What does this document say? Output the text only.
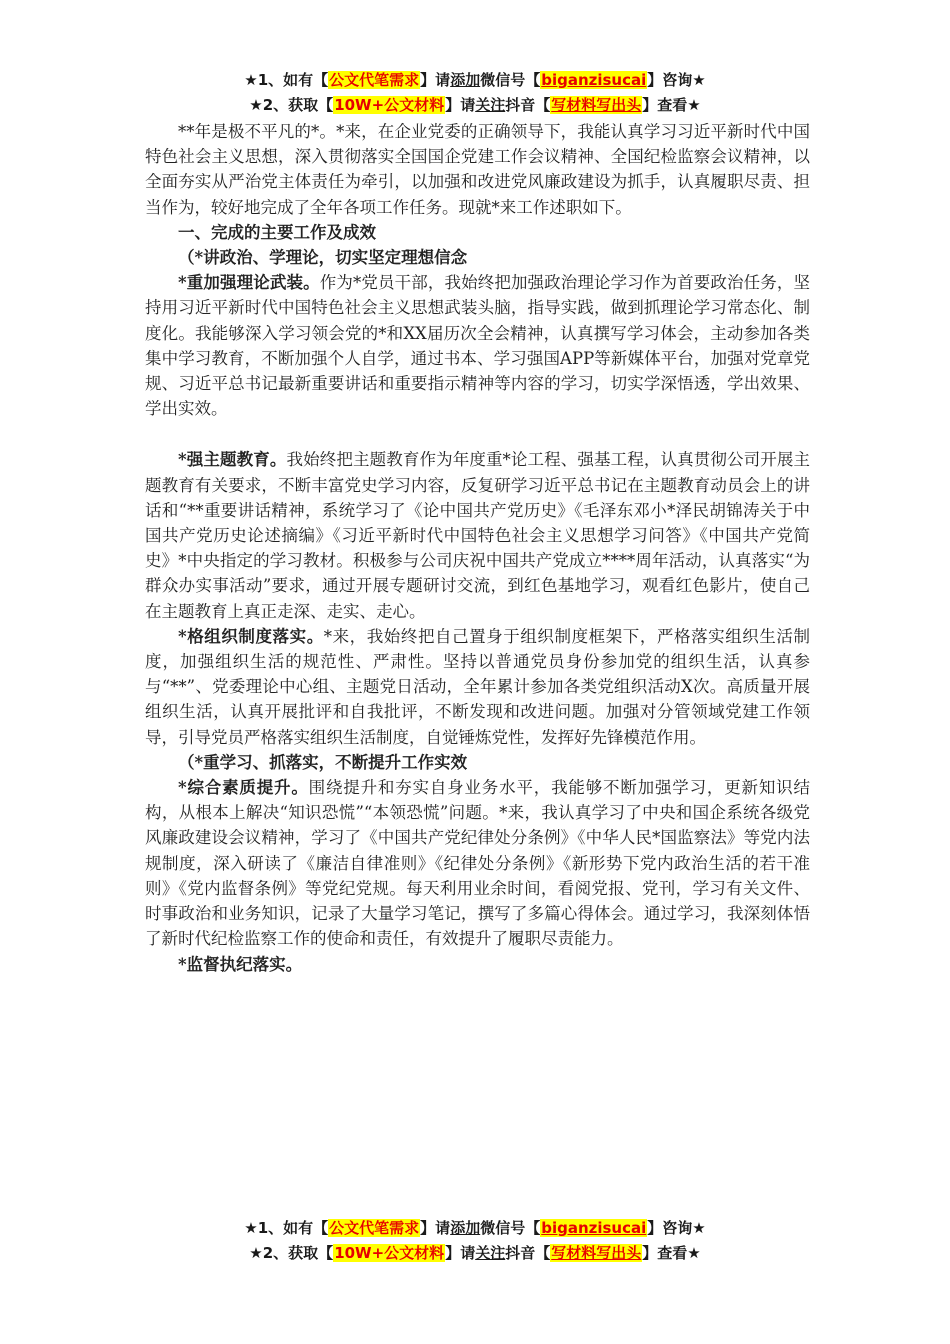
★1、如有【公文代笔需求】请添加微信号【biganzisucai】咨询★
★2、获取【10W+公文材料】请关注抖音【写材料写出头】查看★

**年是极不平凡的*。*来，在企业党委的正确领导下，我能认真学习习近平新时代中国特色社会主义思想，深入贯彻落实全国国企党建工作会议精神、全国纪检监察会议精神，以全面夯实从严治党主体责任为牵引，以加强和改进党风廉政建设为抓手，认真履职尽责、担当作为，较好地完成了全年各项工作任务。现就*来工作述职如下。

一、完成的主要工作及成效

（*讲政治、学理论，切实坚定理想信念

*重加强理论武装。作为*党员干部，我始终把加强政治理论学习作为首要政治任务，坚持用习近平新时代中国特色社会主义思想武装头脑，指导实践，做到抓理论学习常态化、制度化。我能够深入学习领会党的*和XX届历次全会精神，认真撰写学习体会，主动参加各类集中学习教育，不断加强个人自学，通过书本、学习强国APP等新媒体平台，加强对党章党规、习近平总书记最新重要讲话和重要指示精神等内容的学习，切实学深悟透，学出效果、学出实效。

*强主题教育。我始终把主题教育作为年度重*论工程、强基工程，认真贯彻公司开展主题教育有关要求，不断丰富党史学习内容，反复研学习近平总书记在主题教育动员会上的讲话和“**重要讲话精神，系统学习了《论中国共产党历史》《毛泽东邓小*泽民胡锦涛关于中国共产党历史论述摘编》《习近平新时代中国特色社会主义思想学习问答》《中国共产党简史》*中央指定的学习教材。积极参与公司庆祝中国共产党成立****周年活动，认真落实“为群众办实事活动”要求，通过开展专题研讨交流，到红色基地学习，观看红色影片，使自己在主题教育上真正走深、走实、走心。

*格组织制度落实。*来，我始终把自己置身于组织制度框架下，严格落实组织生活制度，加强组织生活的规范性、严肃性。坚持以普通党员身份参加党的组织生活，认真参与“**”、党委理论中心组、主题党日活动，全年累计参加各类党组织活动X次。高质量开展组织生活，认真开展批评和自我批评，不断发现和改进问题。加强对分管领域党建工作领导，引导党员严格落实组织生活制度，自觉锤炼党性，发挥好先锋模范作用。

（*重学习、抓落实，不断提升工作实效

*综合素质提升。围绕提升和夯实自身业务水平，我能够不断加强学习，更新知识结构，从根本上解决“知识恐慌”“本领恐慌”问题。*来，我认真学习了中央和国企系统各级党风廉政建设会议精神，学习了《中国共产党纪律处分条例》《中华人民*国监察法》等党内法规制度，深入研读了《廉洁自律准则》《纪律处分条例》《新形势下党内政治生活的若干准则》《党内监督条例》等党纪党规。每天利用业余时间，看阅党报、党刊，学习有关文件、时事政治和业务知识，记录了大量学习笔记，撰写了多篇心得体会。通过学习，我深刻体悟了新时代纪检监察工作的使命和责任，有效提升了履职尽责能力。

*监督执纪落实。

★1、如有【公文代笔需求】请添加微信号【biganzisucai】咨询★
★2、获取【10W+公文材料】请关注抖音【写材料写出头】查看★
